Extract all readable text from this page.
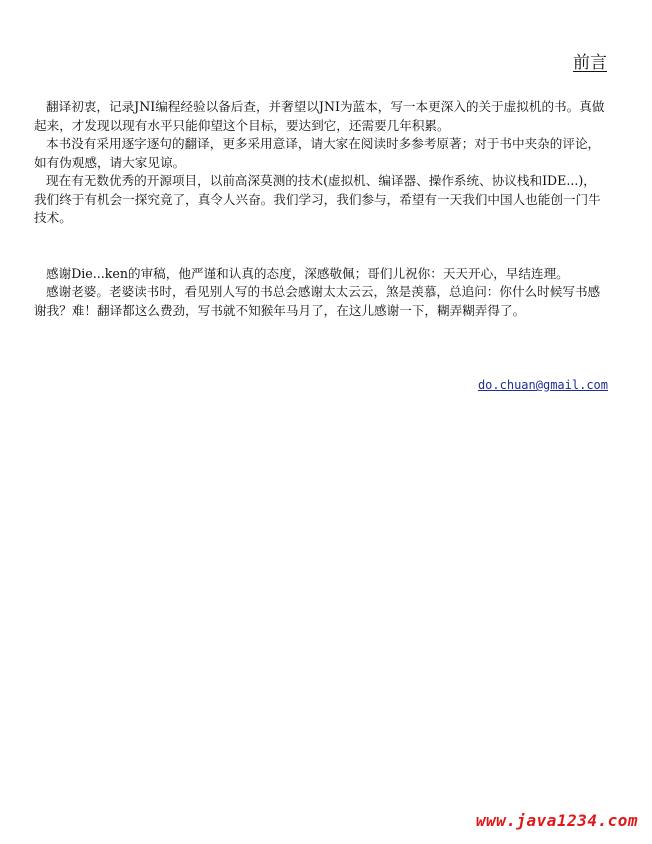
前言

翻译初衷，记录JNI编程经验以备后查，并奢望以JNI为蓝本，写一本更深入的关于虚拟机的书。真做起来，才发现以现有水平只能仰望这个目标，要达到它，还需要几年积累。

本书没有采用逐字逐句的翻译，更多采用意译，请大家在阅读时多参考原著；对于书中夹杂的评论，如有伪观感，请大家见谅。

现在有无数优秀的开源项目，以前高深莫测的技术(虚拟机、编译器、操作系统、协议栈和IDE...)， 我们终于有机会一探究竟了，真令人兴奋。我们学习，我们参与，希望有一天我们中国人也能创一门牛技术。

感谢Die...ken的审稿，他严谨和认真的态度，深感敬佩；哥们儿祝你：天天开心，早结连理。

感谢老婆。老婆读书时，看见别人写的书总会感谢太太云云，煞是羡慕，总追问：你什么时候写书感谢我？难！翻译都这么费劲，写书就不知猴年马月了，在这儿感谢一下，糊弄糊弄得了。

do.chuan@gmail.com
www.java1234.com
